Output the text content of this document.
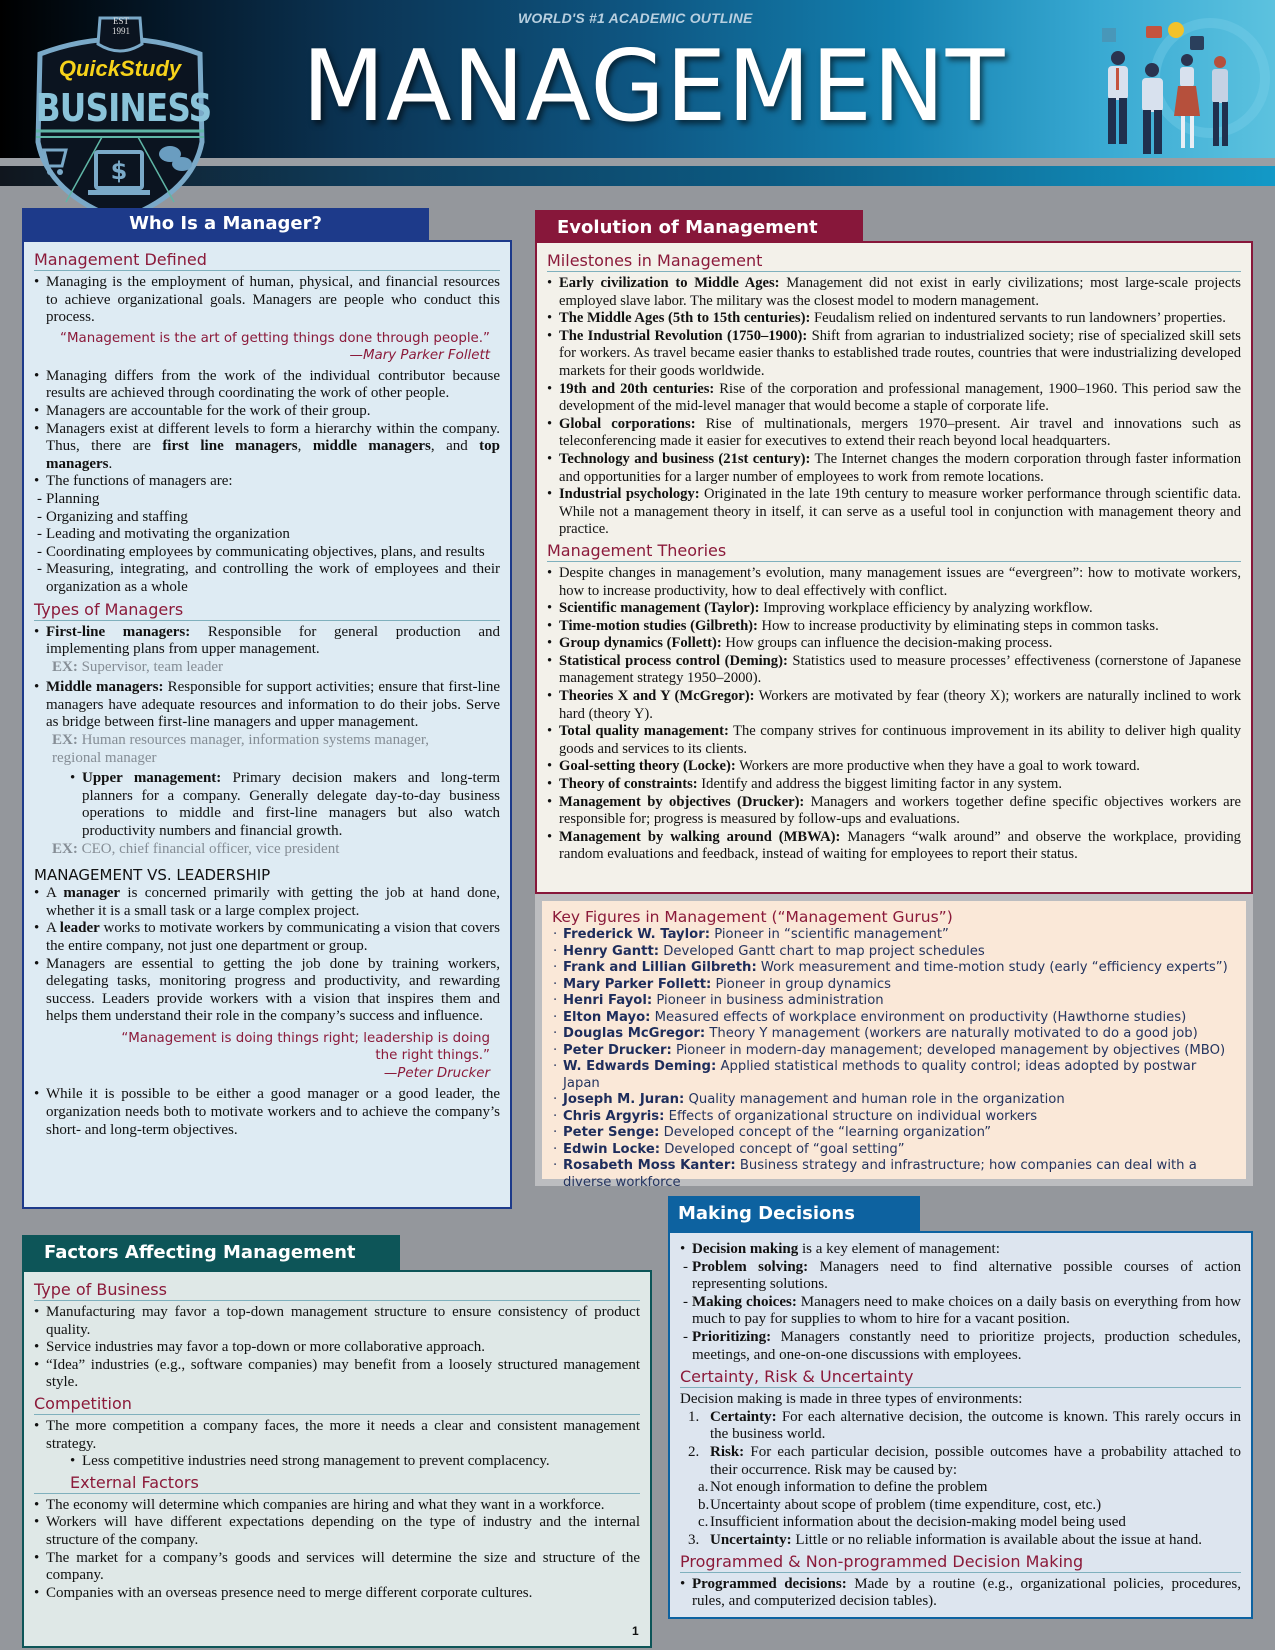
WORLD'S #1 ACADEMIC OUTLINE
MANAGEMENT
$
EST
1991
QuickStudy
BUSINESS
Who Is a Manager?
Management Defined
• Managing is the employment of human, physical, and financial resources to achieve organizational goals. Managers are people who conduct this process.
“Management is the art of getting things done through people.”
—Mary Parker Follett
• Managing differs from the work of the individual contributor because results are achieved through coordinating the work of other people.
• Managers are accountable for the work of their group.
• Managers exist at different levels to form a hierarchy within the company. Thus, there are first line managers, middle managers, and top managers.
• The functions of managers are:
- Planning
- Organizing and staffing
- Leading and motivating the organization
- Coordinating employees by communicating objectives, plans, and results
- Measuring, integrating, and controlling the work of employees and their organization as a whole
Types of Managers
• First-line managers: Responsible for general production and implementing plans from upper management.
EX: Supervisor, team leader
• Middle managers: Responsible for support activities; ensure that first-line managers have adequate resources and information to do their jobs. Serve as bridge between first-line managers and upper management.
EX: Human resources manager, information systems manager, regional manager
• Upper management: Primary decision makers and long-term planners for a company. Generally delegate day-to-day business operations to middle and first-line managers but also watch productivity numbers and financial growth.
EX: CEO, chief financial officer, vice president
MANAGEMENT VS. LEADERSHIP
• A manager is concerned primarily with getting the job at hand done, whether it is a small task or a large complex project.
• A leader works to motivate workers by communicating a vision that covers the entire company, not just one department or group.
• Managers are essential to getting the job done by training workers, delegating tasks, monitoring progress and productivity, and rewarding success. Leaders provide workers with a vision that inspires them and helps them understand their role in the company’s success and influence.
“Management is doing things right; leadership is doing
the right things.”
—Peter Drucker
• While it is possible to be either a good manager or a good leader, the organization needs both to motivate workers and to achieve the company’s short- and long-term objectives.
Evolution of Management
Milestones in Management
• Early civilization to Middle Ages: Management did not exist in early civilizations; most large-scale projects employed slave labor. The military was the closest model to modern management.
• The Middle Ages (5th to 15th centuries): Feudalism relied on indentured servants to run landowners’ properties.
• The Industrial Revolution (1750–1900): Shift from agrarian to industrialized society; rise of specialized skill sets for workers. As travel became easier thanks to established trade routes, countries that were industrializing developed markets for their goods worldwide.
• 19th and 20th centuries: Rise of the corporation and professional management, 1900–1960. This period saw the development of the mid-level manager that would become a staple of corporate life.
• Global corporations: Rise of multinationals, mergers 1970–present. Air travel and innovations such as teleconferencing made it easier for executives to extend their reach beyond local headquarters.
• Technology and business (21st century): The Internet changes the modern corporation through faster information and opportunities for a larger number of employees to work from remote locations.
• Industrial psychology: Originated in the late 19th century to measure worker performance through scientific data. While not a management theory in itself, it can serve as a useful tool in conjunction with management theory and practice.
Management Theories
• Despite changes in management’s evolution, many management issues are “evergreen”: how to motivate workers, how to increase productivity, how to deal effectively with conflict.
• Scientific management (Taylor): Improving workplace efficiency by analyzing workflow.
• Time-motion studies (Gilbreth): How to increase productivity by eliminating steps in common tasks.
• Group dynamics (Follett): How groups can influence the decision-making process.
• Statistical process control (Deming): Statistics used to measure processes’ effectiveness (cornerstone of Japanese management strategy 1950–2000).
• Theories X and Y (McGregor): Workers are motivated by fear (theory X); workers are naturally inclined to work hard (theory Y).
• Total quality management: The company strives for continuous improvement in its ability to deliver high quality goods and services to its clients.
• Goal-setting theory (Locke): Workers are more productive when they have a goal to work toward.
• Theory of constraints: Identify and address the biggest limiting factor in any system.
• Management by objectives (Drucker): Managers and workers together define specific objectives workers are responsible for; progress is measured by follow-ups and evaluations.
• Management by walking around (MBWA): Managers “walk around” and observe the workplace, providing random evaluations and feedback, instead of waiting for employees to report their status.
Key Figures in Management (“Management Gurus”)
· Frederick W. Taylor: Pioneer in “scientific management”
· Henry Gantt: Developed Gantt chart to map project schedules
· Frank and Lillian Gilbreth: Work measurement and time-motion study (early “efficiency experts”)
· Mary Parker Follett: Pioneer in group dynamics
· Henri Fayol: Pioneer in business administration
· Elton Mayo: Measured effects of workplace environment on productivity (Hawthorne studies)
· Douglas McGregor: Theory Y management (workers are naturally motivated to do a good job)
· Peter Drucker: Pioneer in modern-day management; developed management by objectives (MBO)
· W. Edwards Deming: Applied statistical methods to quality control; ideas adopted by postwar Japan
· Joseph M. Juran: Quality management and human role in the organization
· Chris Argyris: Effects of organizational structure on individual workers
· Peter Senge: Developed concept of the “learning organization”
· Edwin Locke: Developed concept of “goal setting”
· Rosabeth Moss Kanter: Business strategy and infrastructure; how companies can deal with a diverse workforce
Factors Affecting Management
Type of Business
• Manufacturing may favor a top-down management structure to ensure consistency of product quality.
• Service industries may favor a top-down or more collaborative approach.
• “Idea” industries (e.g., software companies) may benefit from a loosely structured management style.
Competition
• The more competition a company faces, the more it needs a clear and consistent management strategy.
• Less competitive industries need strong management to prevent complacency.
External Factors
• The economy will determine which companies are hiring and what they want in a workforce.
• Workers will have different expectations depending on the type of industry and the internal structure of the company.
• The market for a company’s goods and services will determine the size and structure of the company.
• Companies with an overseas presence need to merge different corporate cultures.
Making Decisions
• Decision making is a key element of management:
- Problem solving: Managers need to find alternative possible courses of action representing solutions.
- Making choices: Managers need to make choices on a daily basis on everything from how much to pay for supplies to whom to hire for a vacant position.
- Prioritizing: Managers constantly need to prioritize projects, production schedules, meetings, and one-on-one discussions with employees.
Certainty, Risk & Uncertainty
Decision making is made in three types of environments:
1. Certainty: For each alternative decision, the outcome is known. This rarely occurs in the business world.
2. Risk: For each particular decision, possible outcomes have a probability attached to their occurrence. Risk may be caused by:
a. Not enough information to define the problem
b. Uncertainty about scope of problem (time expenditure, cost, etc.)
c. Insufficient information about the decision-making model being used
3. Uncertainty: Little or no reliable information is available about the issue at hand.
Programmed & Non-programmed Decision Making
• Programmed decisions: Made by a routine (e.g., organizational policies, procedures, rules, and computerized decision tables).
1
